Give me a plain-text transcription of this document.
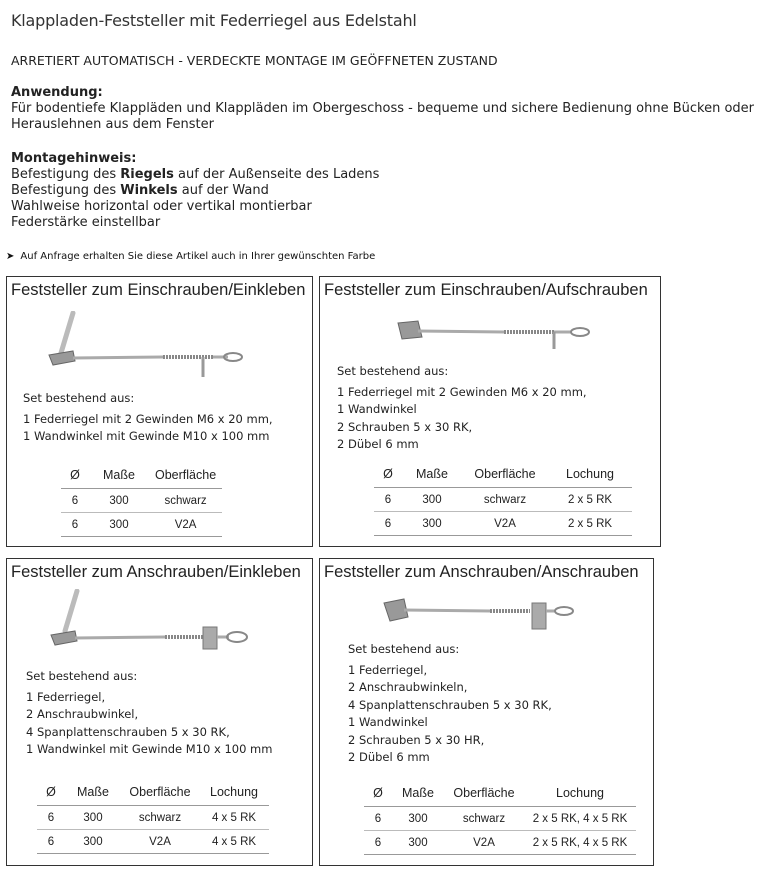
Klappladen-Feststeller mit Federriegel aus Edelstahl
ARRETIERT AUTOMATISCH - VERDECKTE MONTAGE IM GEÖFFNETEN ZUSTAND
Anwendung:
Für bodentiefe Klappläden und Klappläden im Obergeschoss - bequeme und sichere Bedienung ohne Bücken oder
Herauslehnen aus dem Fenster
Montagehinweis:
Befestigung des Riegels auf der Außenseite des Ladens
Befestigung des Winkels auf der Wand
Wahlweise horizontal oder vertikal montierbar
Federstärke einstellbar
➤ Auf Anfrage erhalten Sie diese Artikel auch in Ihrer gewünschten Farbe
Feststeller zum Einschrauben/Einkleben
Set bestehend aus:
1 Federriegel mit 2 Gewinden M6 x 20 mm,
1 Wandwinkel mit Gewinde M10 x 100 mm
Ø	Maße	Oberfläche
6	300	schwarz
6	300	V2A
Feststeller zum Einschrauben/Aufschrauben
Set bestehend aus:
1 Federriegel mit 2 Gewinden M6 x 20 mm,
1 Wandwinkel
2 Schrauben 5 x 30 RK,
2 Dübel 6 mm
Ø	Maße	Oberfläche	Lochung
6	300	schwarz	2 x 5 RK
6	300	V2A	2 x 5 RK
Feststeller zum Anschrauben/Einkleben
Set bestehend aus:
1 Federriegel,
2 Anschraubwinkel,
4 Spanplattenschrauben 5 x 30 RK,
1 Wandwinkel mit Gewinde M10 x 100 mm
Ø	Maße	Oberfläche	Lochung
6	300	schwarz	4 x 5 RK
6	300	V2A	4 x 5 RK
Feststeller zum Anschrauben/Anschrauben
Set bestehend aus:
1 Federriegel,
2 Anschraubwinkeln,
4 Spanplattenschrauben 5 x 30 RK,
1 Wandwinkel
2 Schrauben 5 x 30 HR,
2 Dübel 6 mm
Ø	Maße	Oberfläche	Lochung
6	300	schwarz	2 x 5 RK, 4 x 5 RK
6	300	V2A	2 x 5 RK, 4 x 5 RK
